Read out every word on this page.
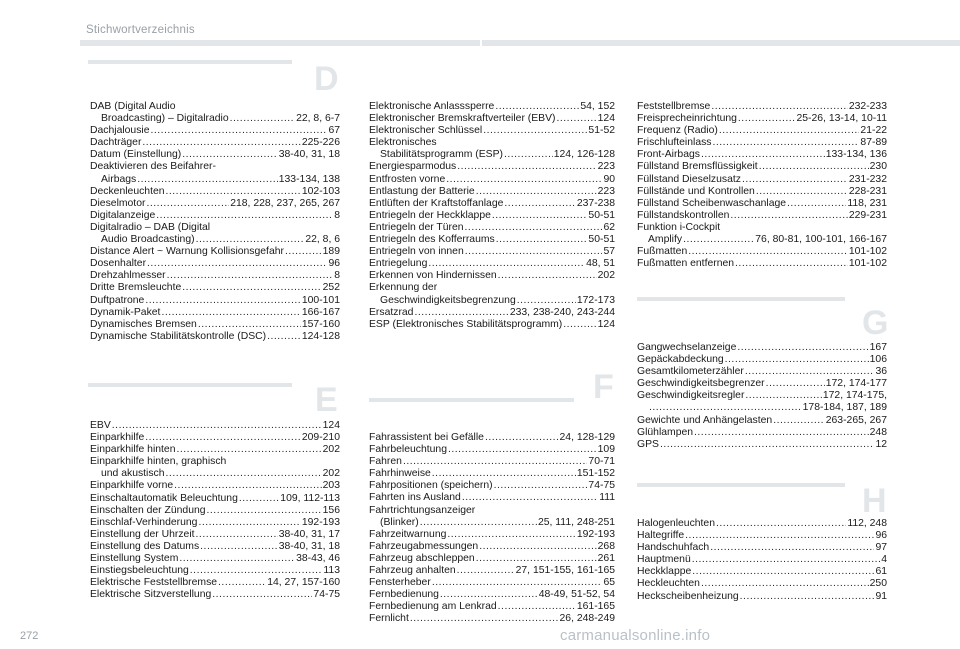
Stichwortverzeichnis
D
DAB (Digital Audio
Broadcasting) – Digitalradio .....	22, 8, 6-7
Dachjalousie .....	67
Dachträger .....	225-226
Datum (Einstellung) .....	38-40, 31, 18
Deaktivieren des Beifahrer-
Airbags .....	133-134, 138
Deckenleuchten .....	102-103
Dieselmotor .....	218, 228, 237, 265, 267
Digitalanzeige .....	8
Digitalradio – DAB (Digital
Audio Broadcasting) .....	22, 8, 6
Distance Alert ~ Warnung Kollisionsgefahr .....	189
Dosenhalter .....	96
Drehzahlmesser .....	8
Dritte Bremsleuchte .....	252
Duftpatrone .....	100-101
Dynamik-Paket .....	166-167
Dynamisches Bremsen .....	157-160
Dynamische Stabilitätskontrolle (DSC) .....	124-128
Elektronische Anlasssperre .....	54, 152
Elektronischer Bremskraftverteiler (EBV) .....	124
Elektronischer Schlüssel .....	51-52
Elektronisches
Stabilitätsprogramm (ESP) .....	124, 126-128
Energiesparmodus .....	223
Entfrosten vorne .....	90
Entlastung der Batterie .....	223
Entlüften der Kraftstoffanlage .....	237-238
Entriegeln der Heckklappe .....	50-51
Entriegeln der Türen .....	62
Entriegeln des Kofferraums .....	50-51
Entriegeln von innen .....	57
Entriegelung .....	48, 51
Erkennen von Hindernissen .....	202
Erkennung der
Geschwindigkeitsbegrenzung .....	172-173
Ersatzrad .....	233, 238-240, 243-244
ESP (Elektronisches Stabilitätsprogramm) .....	124
Feststellbremse .....	232-233
Freisprecheinrichtung .....	25-26, 13-14, 10-11
Frequenz (Radio) .....	21-22
Frischlufteinlass .....	87-89
Front-Airbags .....	133-134, 136
Füllstand Bremsflüssigkeit .....	230
Füllstand Dieselzusatz .....	231-232
Füllstände und Kontrollen .....	228-231
Füllstand Scheibenwaschanlage .....	118, 231
Füllstandskontrollen .....	229-231
Funktion i-Cockpit
Amplify .....	76, 80-81, 100-101, 166-167
Fußmatten .....	101-102
Fußmatten entfernen .....	101-102
E
EBV .....	124
Einparkhilfe .....	209-210
Einparkhilfe hinten .....	202
Einparkhilfe hinten, graphisch
und akustisch .....	202
Einparkhilfe vorne .....	203
Einschaltautomatik Beleuchtung .....	109, 112-113
Einschalten der Zündung .....	156
Einschlaf-Verhinderung .....	192-193
Einstellung der Uhrzeit .....	38-40, 31, 17
Einstellung des Datums .....	38-40, 31, 18
Einstellung System .....	38-43, 46
Einstiegsbeleuchtung .....	113
Elektrische Feststellbremse .....	14, 27, 157-160
Elektrische Sitzverstellung .....	74-75
F
Fahrassistent bei Gefälle .....	24, 128-129
Fahrbeleuchtung .....	109
Fahren .....	70-71
Fahrhinweise .....	151-152
Fahrpositionen (speichern) .....	74-75
Fahrten ins Ausland .....	111
Fahrtrichtungsanzeiger
(Blinker) .....	25, 111, 248-251
Fahrzeitwarnung .....	192-193
Fahrzeugabmessungen .....	268
Fahrzeug abschleppen .....	261
Fahrzeug anhalten .....	27, 151-155, 161-165
Fensterheber .....	65
Fernbedienung .....	48-49, 51-52, 54
Fernbedienung am Lenkrad .....	161-165
Fernlicht .....	26, 248-249
G
Gangwechselanzeige .....	167
Gepäckabdeckung .....	106
Gesamtkilometerzähler .....	36
Geschwindigkeitsbegrenzer .....	172, 174-177
Geschwindigkeitsregler .....	172, 174-175,
.....
178-184, 187, 189
Gewichte und Anhängelasten .....	263-265, 267
Glühlampen .....	248
GPS .....	12
H
Halogenleuchten .....	112, 248
Haltegriffe .....	96
Handschuhfach .....	97
Hauptmenü .....	4
Heckklappe .....	61
Heckleuchten .....	250
Heckscheibenheizung .....	91
272	carmanualsonline.info
